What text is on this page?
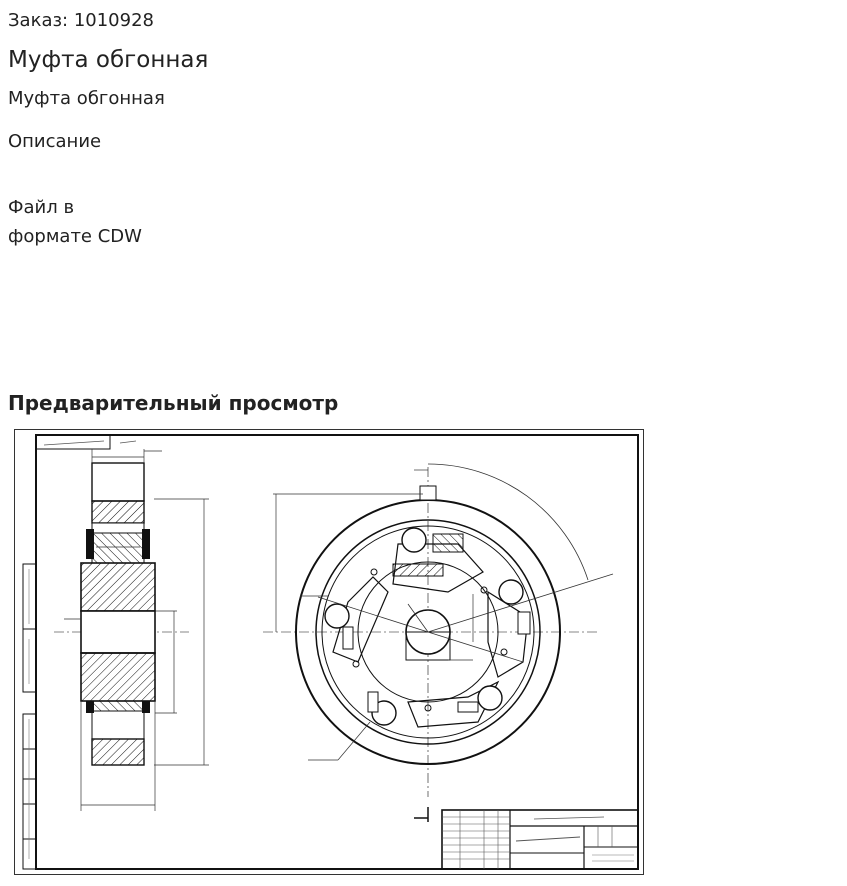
Заказ: 1010928
Муфта обгонная
Муфта обгонная
Описание
Файл в
формате CDW
Предварительный просмотр
